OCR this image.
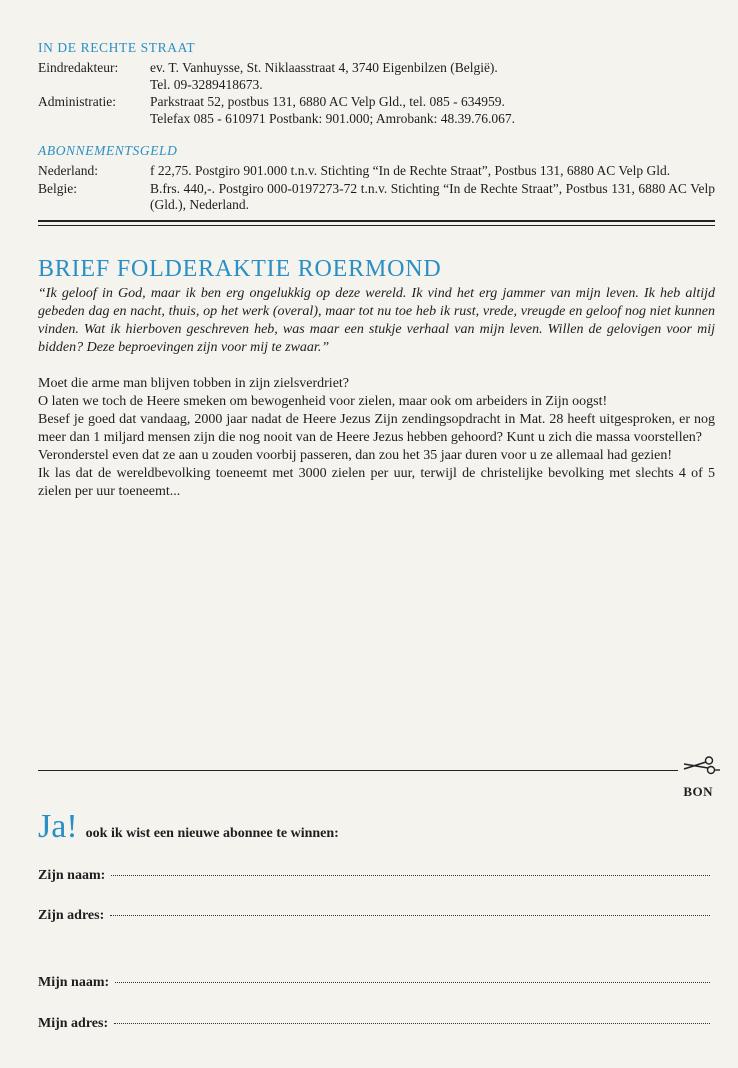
IN DE RECHTE STRAAT
Eindredakteur:	ev. T. Vanhuysse, St. Niklaasstraat 4, 3740 Eigenbilzen (België).
Tel. 09-3289418673.
Administratie:	Parkstraat 52, postbus 131, 6880 AC Velp Gld., tel. 085 - 634959.
Telefax 085 - 610971 Postbank: 901.000; Amrobank: 48.39.76.067.
ABONNEMENTSGELD
Nederland:	f 22,75. Postgiro 901.000 t.n.v. Stichting “In de Rechte Straat”, Postbus 131, 6880 AC Velp Gld.
Belgie:	B.frs. 440,-. Postgiro 000-0197273-72 t.n.v. Stichting “In de Rechte Straat”, Postbus 131, 6880 AC Velp (Gld.), Nederland.
BRIEF FOLDERAKTIE ROERMOND

“Ik geloof in God, maar ik ben erg ongelukkig op deze wereld. Ik vind het erg jammer van mijn leven. Ik heb altijd gebeden dag en nacht, thuis, op het werk (overal), maar tot nu toe heb ik rust, vrede, vreugde en geloof nog niet kunnen vinden. Wat ik hierboven geschreven heb, was maar een stukje verhaal van mijn leven. Willen de gelovigen voor mij bidden? Deze beproevingen zijn voor mij te zwaar.”

Moet die arme man blijven tobben in zijn zielsverdriet?

O laten we toch de Heere smeken om bewogenheid voor zielen, maar ook om arbeiders in Zijn oogst!

Besef je goed dat vandaag, 2000 jaar nadat de Heere Jezus Zijn zendingsopdracht in Mat. 28 heeft uitgesproken, er nog meer dan 1 miljard mensen zijn die nog nooit van de Heere Jezus hebben gehoord? Kunt u zich die massa voorstellen?

Veronderstel even dat ze aan u zouden voorbij passeren, dan zou het 35 jaar duren voor u ze allemaal had gezien!

Ik las dat de wereldbevolking toeneemt met 3000 zielen per uur, terwijl de christelijke bevolking met slechts 4 of 5 zielen per uur toeneemt...

BON
Ja! ook ik wist een nieuwe abonnee te winnen:
Zijn naam:
Zijn adres:
Mijn naam:
Mijn adres:
